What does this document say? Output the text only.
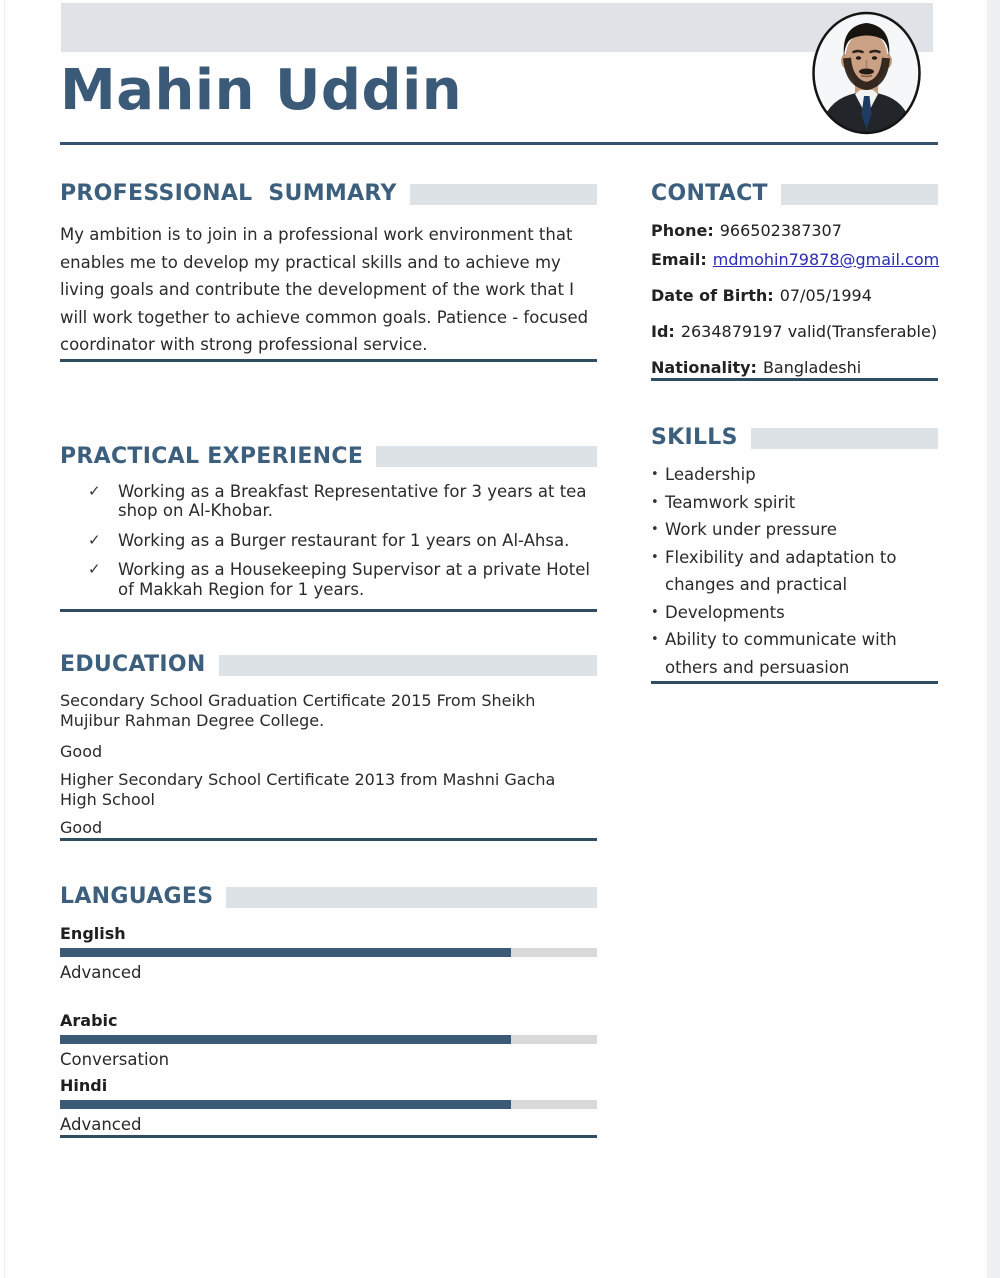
Mahin Uddin
PROFESSIONAL  SUMMARY

My ambition is to join in a professional work environment that enables me to develop my practical skills and to achieve my living goals and contribute the development of the work that I will work together to achieve common goals. Patience - focused coordinator with strong professional service.

PRACTICAL EXPERIENCE
✓ Working as a Breakfast Representative for 3 years at tea shop on Al-Khobar.
✓ Working as a Burger restaurant for 1 years on Al-Ahsa.
✓ Working as a Housekeeping Supervisor at a private Hotel of Makkah Region for 1 years.
EDUCATION

Secondary School Graduation Certificate 2015 From Sheikh Mujibur Rahman Degree College.

Good

Higher Secondary School Certificate 2013 from Mashni Gacha High School

Good

LANGUAGES

English

Advanced

Arabic

Conversation

Hindi

Advanced

CONTACT

Phone: 966502387307

Email: mdmohin79878@gmail.com

Date of Birth: 07/05/1994

Id: 2634879197 valid(Transferable)

Nationality: Bangladeshi

SKILLS
• Leadership
• Teamwork spirit
• Work under pressure
• Flexibility and adaptation to changes and practical
• Developments
• Ability to communicate with others and persuasion
